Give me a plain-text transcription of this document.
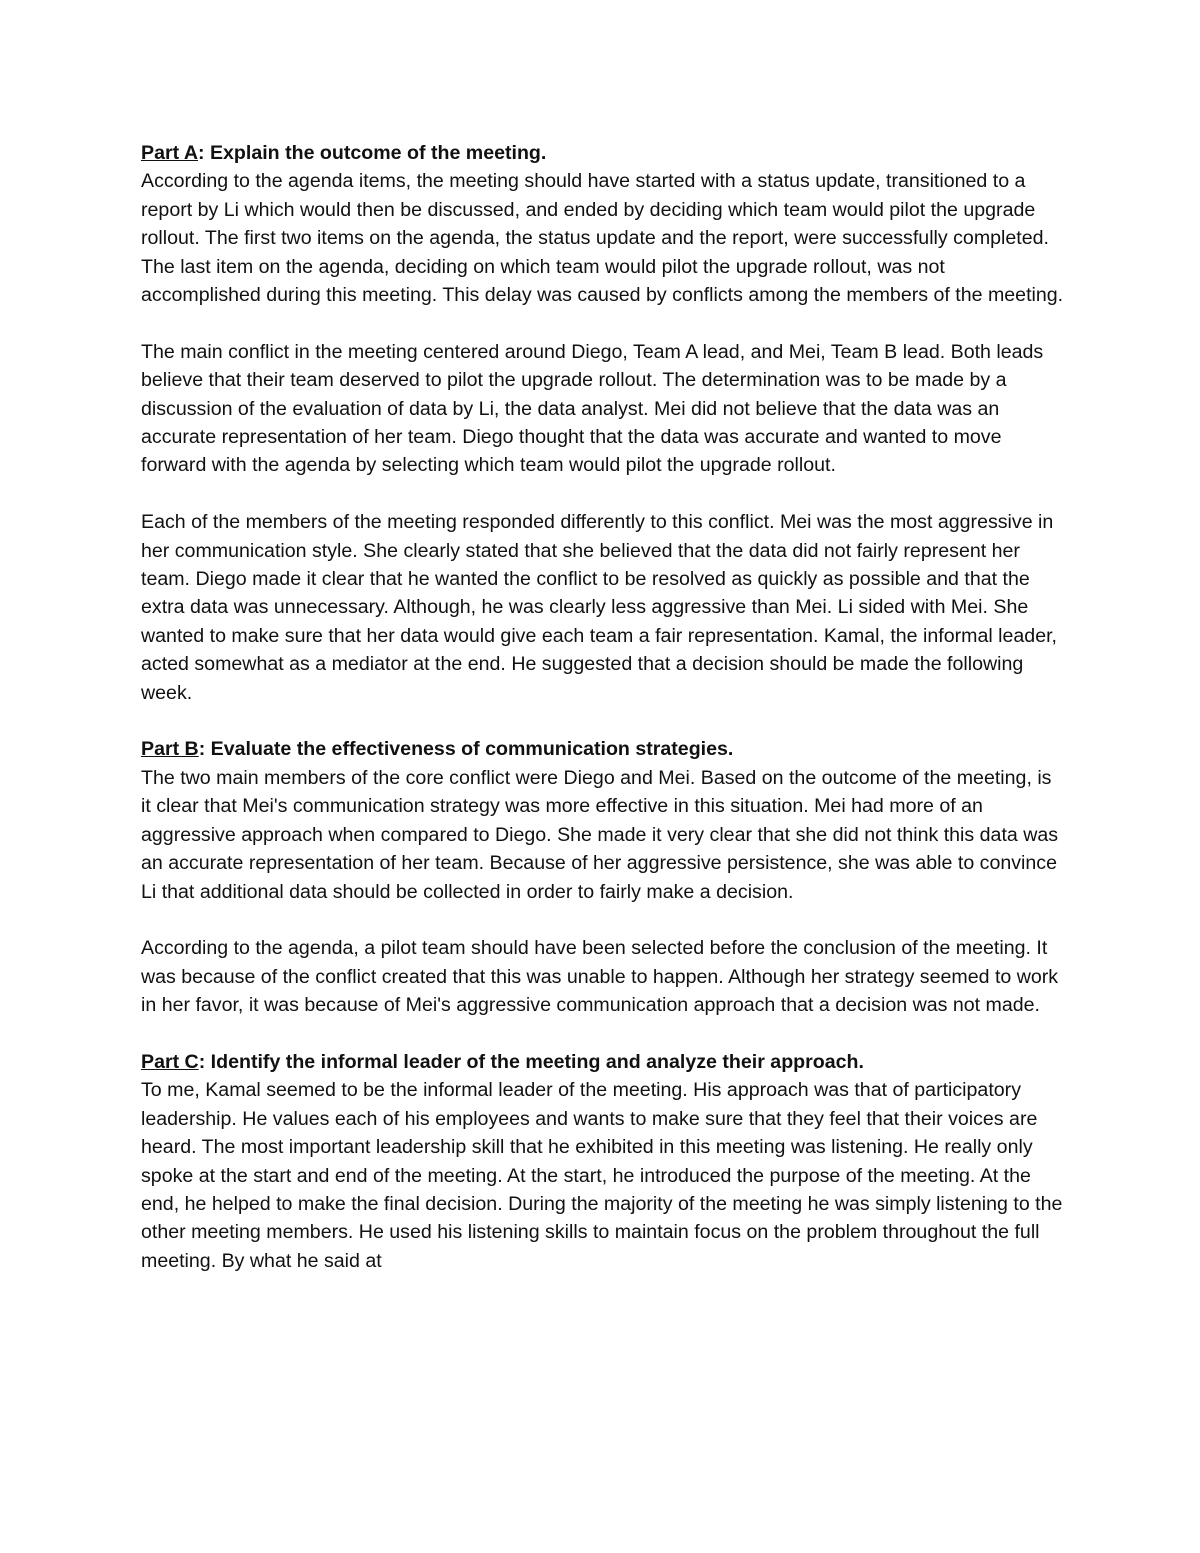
Part A: Explain the outcome of the meeting.

According to the agenda items, the meeting should have started with a status update, transitioned to a report by Li which would then be discussed, and ended by deciding which team would pilot the upgrade rollout. The first two items on the agenda, the status update and the report, were successfully completed. The last item on the agenda, deciding on which team would pilot the upgrade rollout, was not accomplished during this meeting. This delay was caused by conflicts among the members of the meeting.

The main conflict in the meeting centered around Diego, Team A lead, and Mei, Team B lead. Both leads believe that their team deserved to pilot the upgrade rollout. The determination was to be made by a discussion of the evaluation of data by Li, the data analyst. Mei did not believe that the data was an accurate representation of her team. Diego thought that the data was accurate and wanted to move forward with the agenda by selecting which team would pilot the upgrade rollout.

Each of the members of the meeting responded differently to this conflict. Mei was the most aggressive in her communication style. She clearly stated that she believed that the data did not fairly represent her team. Diego made it clear that he wanted the conflict to be resolved as quickly as possible and that the extra data was unnecessary. Although, he was clearly less aggressive than Mei. Li sided with Mei. She wanted to make sure that her data would give each team a fair representation. Kamal, the informal leader, acted somewhat as a mediator at the end. He suggested that a decision should be made the following week.

Part B: Evaluate the effectiveness of communication strategies.

The two main members of the core conflict were Diego and Mei. Based on the outcome of the meeting, is it clear that Mei's communication strategy was more effective in this situation. Mei had more of an aggressive approach when compared to Diego. She made it very clear that she did not think this data was an accurate representation of her team. Because of her aggressive persistence, she was able to convince Li that additional data should be collected in order to fairly make a decision.

According to the agenda, a pilot team should have been selected before the conclusion of the meeting. It was because of the conflict created that this was unable to happen. Although her strategy seemed to work in her favor, it was because of Mei's aggressive communication approach that a decision was not made.

Part C: Identify the informal leader of the meeting and analyze their approach.

To me, Kamal seemed to be the informal leader of the meeting. His approach was that of participatory leadership. He values each of his employees and wants to make sure that they feel that their voices are heard. The most important leadership skill that he exhibited in this meeting was listening. He really only spoke at the start and end of the meeting. At the start, he introduced the purpose of the meeting. At the end, he helped to make the final decision. During the majority of the meeting he was simply listening to the other meeting members. He used his listening skills to maintain focus on the problem throughout the full meeting. By what he said at
